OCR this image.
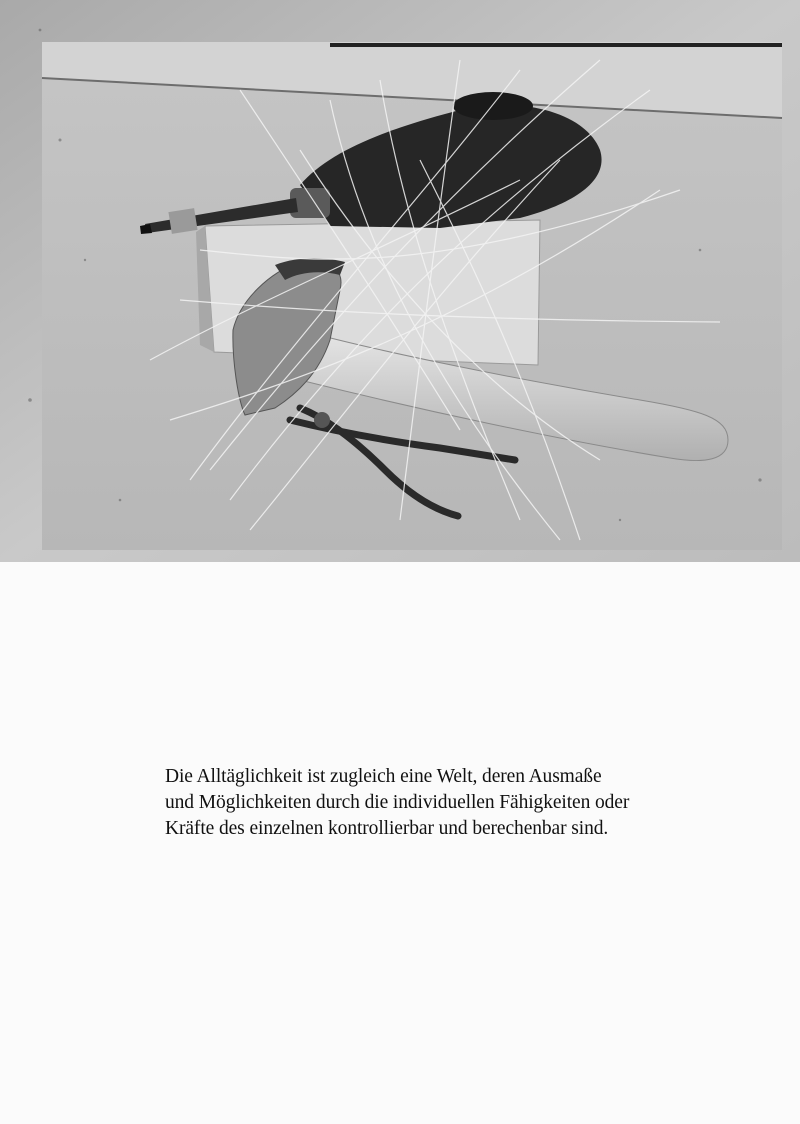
Die Alltäglichkeit ist zugleich eine Welt, deren Ausmaße
und Möglichkeiten durch die individuellen Fähigkeiten oder
Kräfte des einzelnen kontrollierbar und berechenbar sind.
